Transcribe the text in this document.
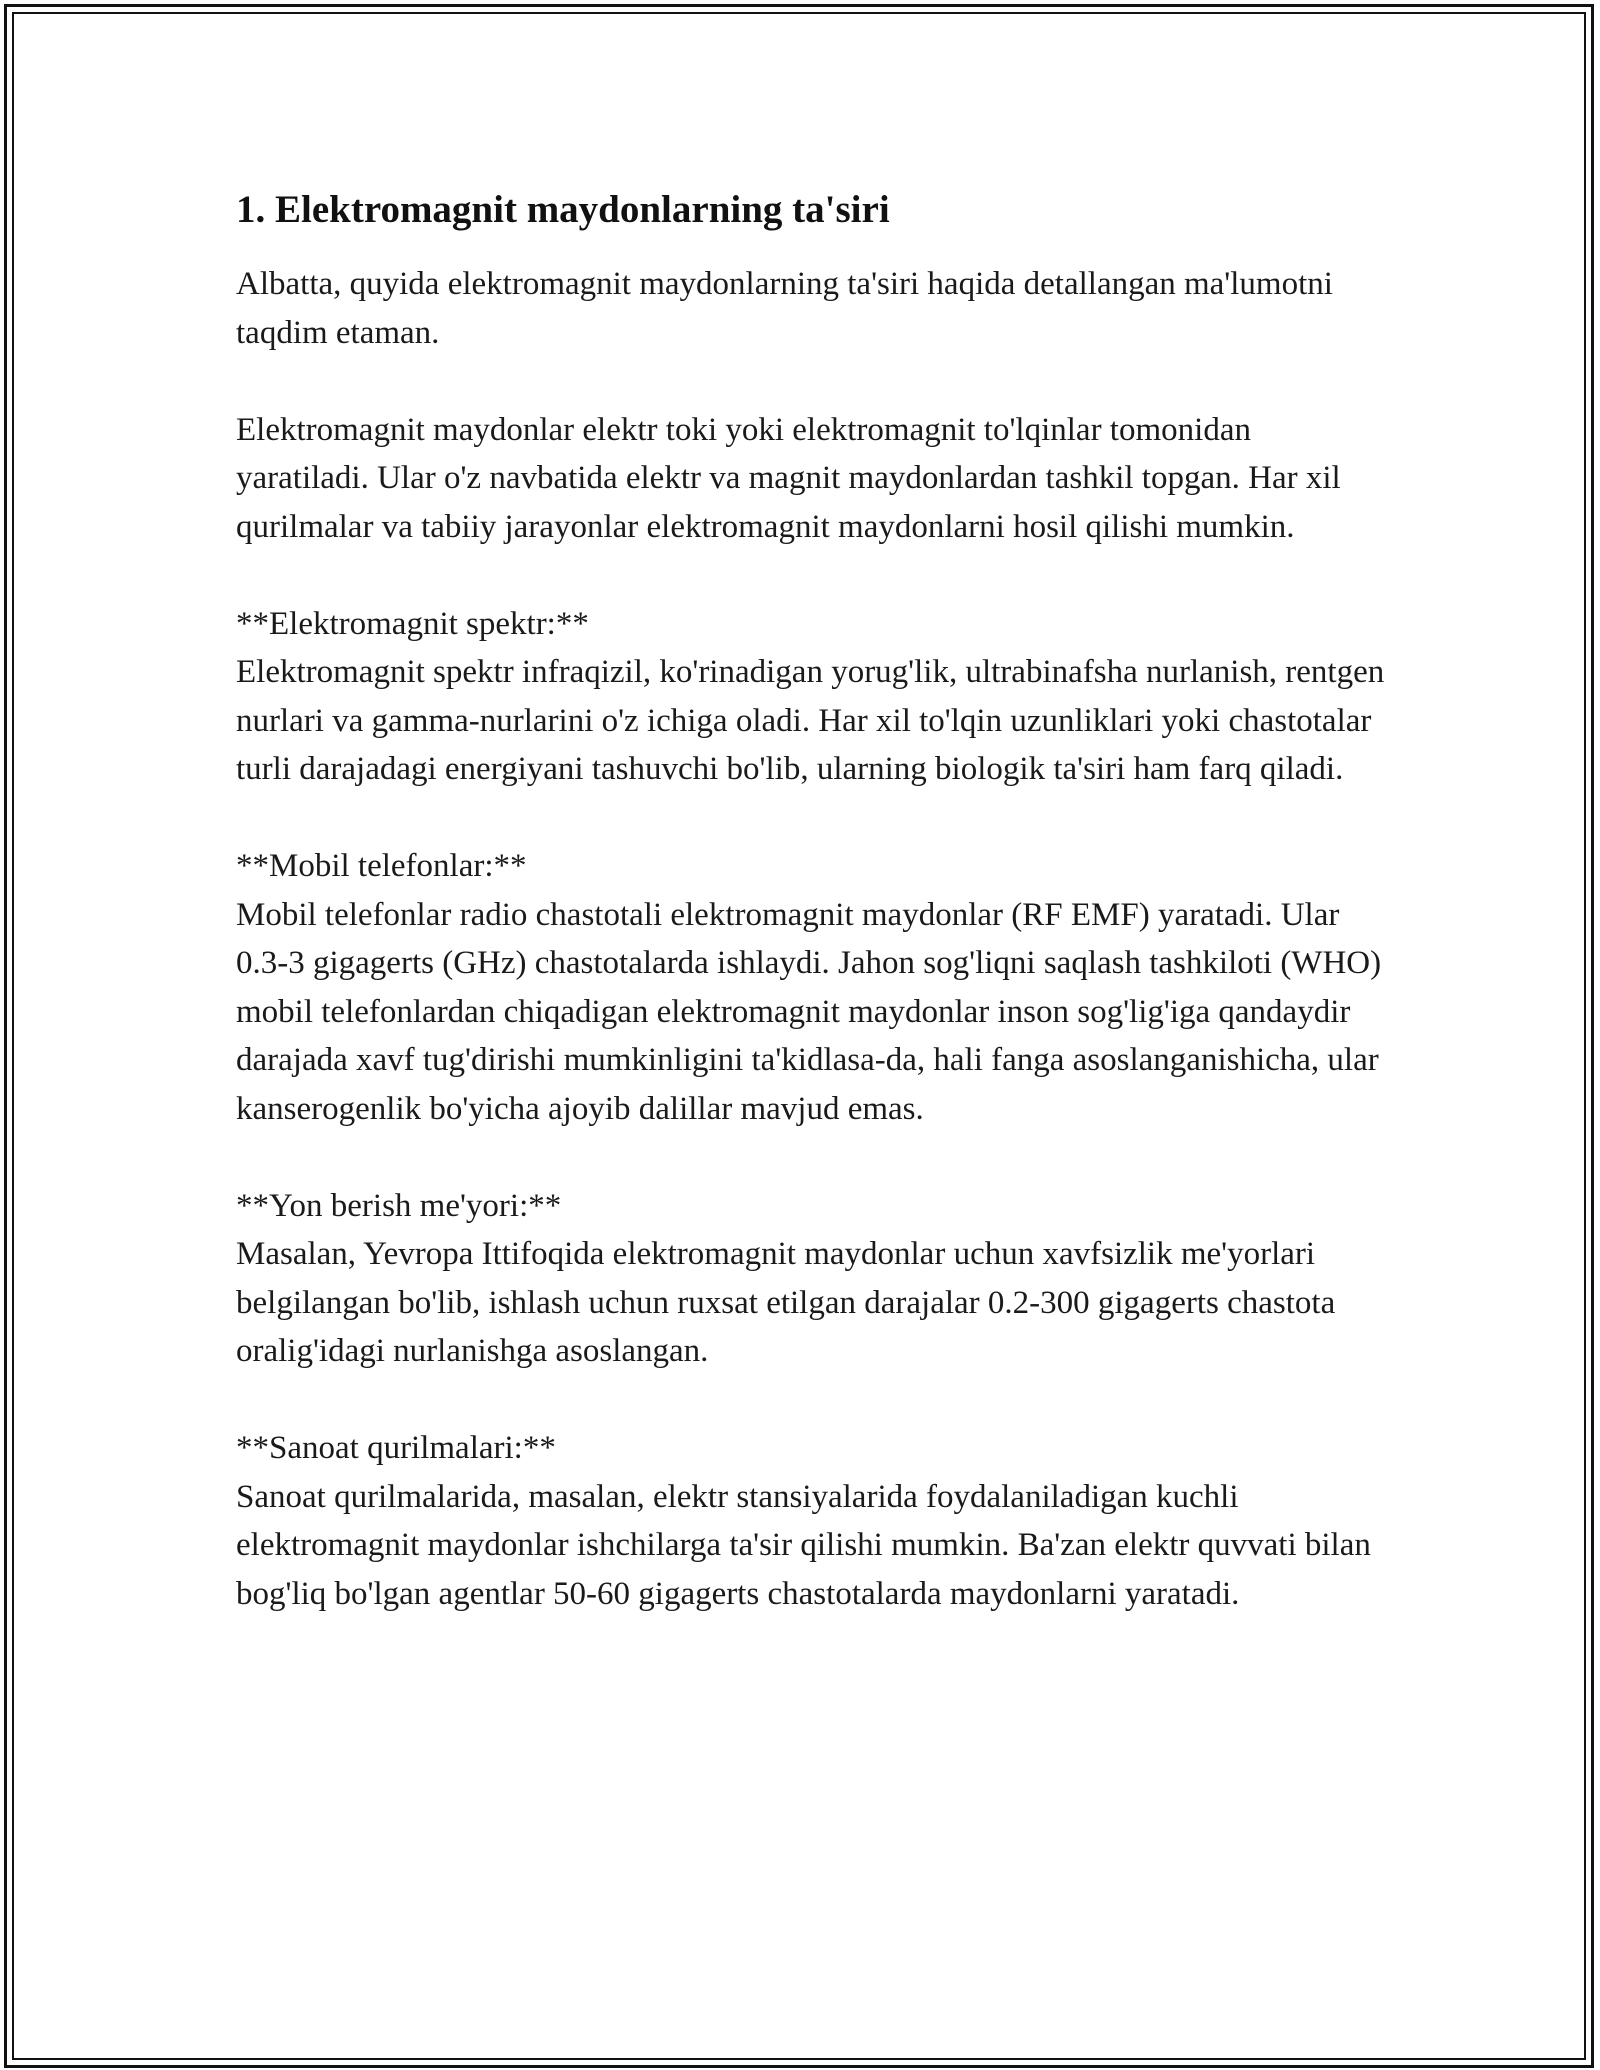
1. Elektromagnit maydonlarning ta'siri

Albatta, quyida elektromagnit maydonlarning ta'siri haqida detallangan ma'lumotni taqdim etaman.

Elektromagnit maydonlar elektr toki yoki elektromagnit to'lqinlar tomonidan yaratiladi. Ular o'z navbatida elektr va magnit maydonlardan tashkil topgan. Har xil qurilmalar va tabiiy jarayonlar elektromagnit maydonlarni hosil qilishi mumkin.

**Elektromagnit spektr:**

Elektromagnit spektr infraqizil, ko'rinadigan yorug'lik, ultrabinafsha nurlanish, rentgen nurlari va gamma-nurlarini o'z ichiga oladi. Har xil to'lqin uzunliklari yoki chastotalar turli darajadagi energiyani tashuvchi bo'lib, ularning biologik ta'siri ham farq qiladi.

**Mobil telefonlar:**

Mobil telefonlar radio chastotali elektromagnit maydonlar (RF EMF) yaratadi. Ular 0.3-3 gigagerts (GHz) chastotalarda ishlaydi. Jahon sog'liqni saqlash tashkiloti (WHO) mobil telefonlardan chiqadigan elektromagnit maydonlar inson sog'lig'iga qandaydir darajada xavf tug'dirishi mumkinligini ta'kidlasa-da, hali fanga asoslanganishicha, ular kanserogenlik bo'yicha ajoyib dalillar mavjud emas.

**Yon berish me'yori:**

Masalan, Yevropa Ittifoqida elektromagnit maydonlar uchun xavfsizlik me'yorlari belgilangan bo'lib, ishlash uchun ruxsat etilgan darajalar 0.2-300 gigagerts chastota oralig'idagi nurlanishga asoslangan.

**Sanoat qurilmalari:**

Sanoat qurilmalarida, masalan, elektr stansiyalarida foydalaniladigan kuchli elektromagnit maydonlar ishchilarga ta'sir qilishi mumkin. Ba'zan elektr quvvati bilan bog'liq bo'lgan agentlar 50-60 gigagerts chastotalarda maydonlarni yaratadi.
